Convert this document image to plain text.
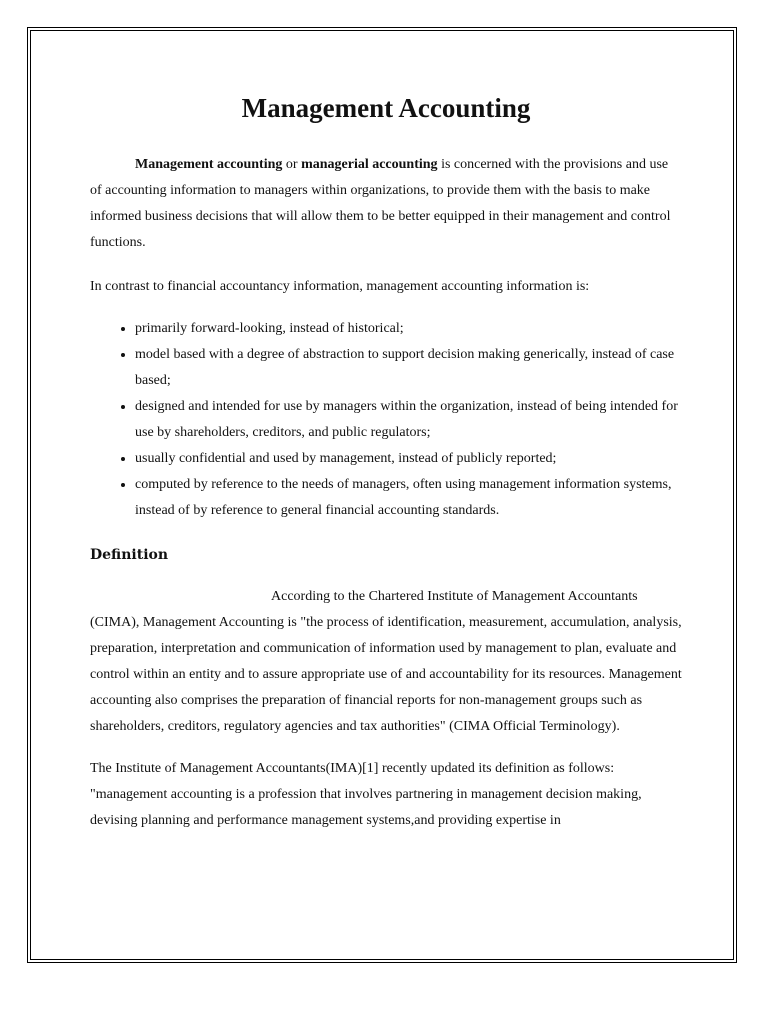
Management Accounting

Management accounting or managerial accounting is concerned with the provisions and use of accounting information to managers within organizations, to provide them with the basis to make informed business decisions that will allow them to be better equipped in their management and control functions.

In contrast to financial accountancy information, management accounting information is:

• primarily forward-looking, instead of historical;
• model based with a degree of abstraction to support decision making generically, instead of case based;
• designed and intended for use by managers within the organization, instead of being intended for use by shareholders, creditors, and public regulators;
• usually confidential and used by management, instead of publicly reported;
• computed by reference to the needs of managers, often using management information systems, instead of by reference to general financial accounting standards.
Definition

According to the Chartered Institute of Management Accountants (CIMA), Management Accounting is "the process of identification, measurement, accumulation, analysis, preparation, interpretation and communication of information used by management to plan, evaluate and control within an entity and to assure appropriate use of and accountability for its resources. Management accounting also comprises the preparation of financial reports for non-management groups such as shareholders, creditors, regulatory agencies and tax authorities" (CIMA Official Terminology).

The Institute of Management Accountants(IMA)[1] recently updated its definition as follows: "management accounting is a profession that involves partnering in management decision making, devising planning and performance management systems,and providing expertise in
